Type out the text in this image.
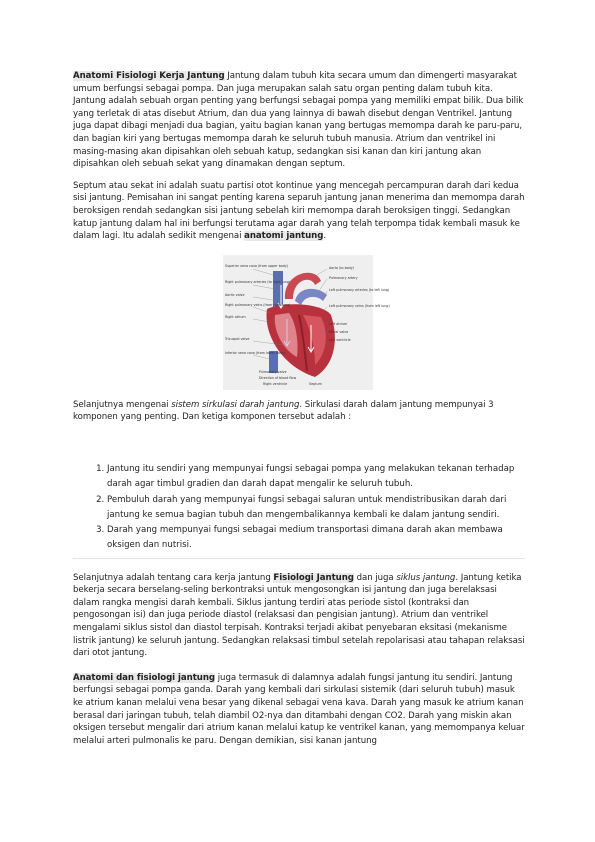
Anatomi Fisiologi Kerja Jantung Jantung dalam tubuh kita secara umum dan dimengerti masyarakat umum berfungsi sebagai pompa. Dan juga merupakan salah satu organ penting dalam tubuh kita. Jantung adalah sebuah organ penting yang berfungsi sebagai pompa yang memiliki empat bilik. Dua bilik yang terletak di atas disebut Atrium, dan dua yang lainnya di bawah disebut dengan Ventrikel. Jantung juga dapat dibagi menjadi dua bagian, yaitu bagian kanan yang bertugas memompa darah ke paru-paru, dan bagian kiri yang bertugas memompa darah ke seluruh tubuh manusia. Atrium dan ventrikel ini masing-masing akan dipisahkan oleh sebuah katup, sedangkan sisi kanan dan kiri jantung akan dipisahkan oleh sebuah sekat yang dinamakan dengan septum.

Septum atau sekat ini adalah suatu partisi otot kontinue yang mencegah percampuran darah dari kedua sisi jantung. Pemisahan ini sangat penting karena separuh jantung janan menerima dan memompa darah beroksigen rendah sedangkan sisi jantung sebelah kiri memompa darah beroksigen tinggi. Sedangkan katup jantung dalam hal ini berfungsi terutama agar darah yang telah terpompa tidak kembali masuk ke dalam lagi. Itu adalah sedikit mengenai anatomi jantung.

Superior vena cava (from upper body)
Right pulmonary arteries (to right lung)
Aortic valve
Right pulmonary veins (from right lung)
Right atrium
Tricuspid valve
Inferior vena cava (from lower body)
Aorta (to body)
Pulmonary artery
Left pulmonary arteries (to left lung)
Left pulmonary veins (from left lung)
Left atrium
Mitral valve
Left ventricle
Pulmonary valve
Direction of blood flow
Right ventricle	Septum

Selanjutnya mengenai sistem sirkulasi darah jantung. Sirkulasi darah dalam jantung mempunyai 3 komponen yang penting. Dan ketiga komponen tersebut adalah :

1. Jantung itu sendiri yang mempunyai fungsi sebagai pompa yang melakukan tekanan terhadap darah agar timbul gradien dan darah dapat mengalir ke seluruh tubuh.
2. Pembuluh darah yang mempunyai fungsi sebagai saluran untuk mendistribusikan darah dari jantung ke semua bagian tubuh dan mengembalikannya kembali ke dalam jantung sendiri.
3. Darah yang mempunyai fungsi sebagai medium transportasi dimana darah akan membawa oksigen dan nutrisi.

Selanjutnya adalah tentang cara kerja jantung Fisiologi Jantung dan juga siklus jantung. Jantung ketika bekerja secara berselang-seling berkontraksi untuk mengosongkan isi jantung dan juga berelaksasi dalam rangka mengisi darah kembali. Siklus jantung terdiri atas periode sistol (kontraksi dan pengosongan isi) dan juga periode diastol (relaksasi dan pengisian jantung). Atrium dan ventrikel mengalami siklus sistol dan diastol terpisah. Kontraksi terjadi akibat penyebaran eksitasi (mekanisme listrik jantung) ke seluruh jantung. Sedangkan relaksasi timbul setelah repolarisasi atau tahapan relaksasi dari otot jantung.

Anatomi dan fisiologi jantung juga termasuk di dalamnya adalah fungsi jantung itu sendiri. Jantung berfungsi sebagai pompa ganda. Darah yang kembali dari sirkulasi sistemik (dari seluruh tubuh) masuk ke atrium kanan melalui vena besar yang dikenal sebagai vena kava. Darah yang masuk ke atrium kanan berasal dari jaringan tubuh, telah diambil O2-nya dan ditambahi dengan CO2. Darah yang miskin akan oksigen tersebut mengalir dari atrium kanan melalui katup ke ventrikel kanan, yang memompanya keluar melalui arteri pulmonalis ke paru. Dengan demikian, sisi kanan jantung
